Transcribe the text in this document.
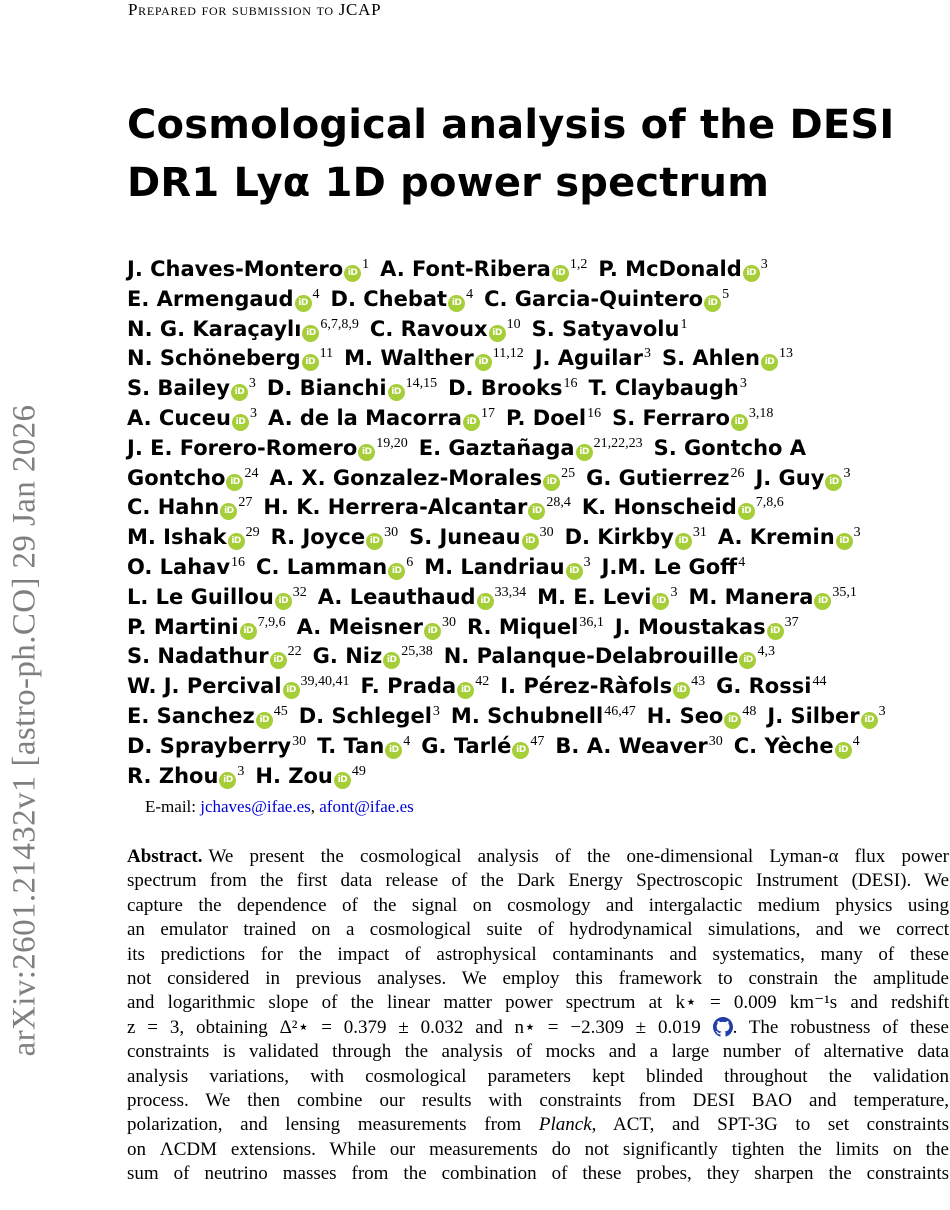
Prepared for submission to JCAP
arXiv:2601.21432v1 [astro-ph.CO] 29 Jan 2026
Cosmological analysis of the DESI
DR1 Lyα 1D power spectrum
J. Chaves-Montero iD$^1$ A. Font-Ribera iD$^{1,2}$ P. McDonald iD$^3$
E. Armengaud iD$^4$ D. Chebat iD$^4$ C. Garcia-Quintero iD$^5$
N. G. Karaçaylı iD$^{6,7,8,9}$ C. Ravoux iD$^{10}$ S. Satyavolu$^1$
N. Schöneberg iD$^{11}$ M. Walther iD$^{11,12}$ J. Aguilar$^3$ S. Ahlen iD$^{13}$
S. Bailey iD$^3$ D. Bianchi iD$^{14,15}$ D. Brooks$^{16}$ T. Claybaugh$^3$
A. Cuceu iD$^3$ A. de la Macorra iD$^{17}$ P. Doel$^{16}$ S. Ferraro iD$^{3,18}$
J. E. Forero-Romero iD$^{19,20}$ E. Gaztañaga iD$^{21,22,23}$ S. Gontcho A
Gontcho iD$^{24}$ A. X. Gonzalez-Morales iD$^{25}$ G. Gutierrez$^{26}$ J. Guy iD$^3$
C. Hahn iD$^{27}$ H. K. Herrera-Alcantar iD$^{28,4}$ K. Honscheid iD$^{7,8,6}$
M. Ishak iD$^{29}$ R. Joyce iD$^{30}$ S. Juneau iD$^{30}$ D. Kirkby iD$^{31}$ A. Kremin iD$^3$
O. Lahav$^{16}$ C. Lamman iD$^6$ M. Landriau iD$^3$ J.M. Le Goff$^4$
L. Le Guillou iD$^{32}$ A. Leauthaud iD$^{33,34}$ M. E. Levi iD$^3$ M. Manera iD$^{35,1}$
P. Martini iD$^{7,9,6}$ A. Meisner iD$^{30}$ R. Miquel$^{36,1}$ J. Moustakas iD$^{37}$
S. Nadathur iD$^{22}$ G. Niz iD$^{25,38}$ N. Palanque-Delabrouille iD$^{4,3}$
W. J. Percival iD$^{39,40,41}$ F. Prada iD$^{42}$ I. Pérez-Ràfols iD$^{43}$ G. Rossi$^{44}$
E. Sanchez iD$^{45}$ D. Schlegel$^3$ M. Schubnell$^{46,47}$ H. Seo iD$^{48}$ J. Silber iD$^3$
D. Sprayberry$^{30}$ T. Tan iD$^4$ G. Tarlé iD$^{47}$ B. A. Weaver$^{30}$ C. Yèche iD$^4$
R. Zhou iD$^3$ H. Zou iD$^{49}$
E-mail: jchaves@ifae.es, afont@ifae.es
Abstract. We present the cosmological analysis of the one-dimensional Lyman-α flux power
spectrum from the first data release of the Dark Energy Spectroscopic Instrument (DESI). We
capture the dependence of the signal on cosmology and intergalactic medium physics using
an emulator trained on a cosmological suite of hydrodynamical simulations, and we correct
its predictions for the impact of astrophysical contaminants and systematics, many of these
not considered in previous analyses. We employ this framework to constrain the amplitude
and logarithmic slope of the linear matter power spectrum at k⋆ = 0.009 km⁻¹s and redshift
z = 3, obtaining Δ²⋆ = 0.379 ± 0.032 and n⋆ = −2.309 ± 0.019 . The robustness of these
constraints is validated through the analysis of mocks and a large number of alternative data
analysis variations, with cosmological parameters kept blinded throughout the validation
process. We then combine our results with constraints from DESI BAO and temperature,
polarization, and lensing measurements from Planck, ACT, and SPT-3G to set constraints
on ΛCDM extensions. While our measurements do not significantly tighten the limits on the
sum of neutrino masses from the combination of these probes, they sharpen the constraints
